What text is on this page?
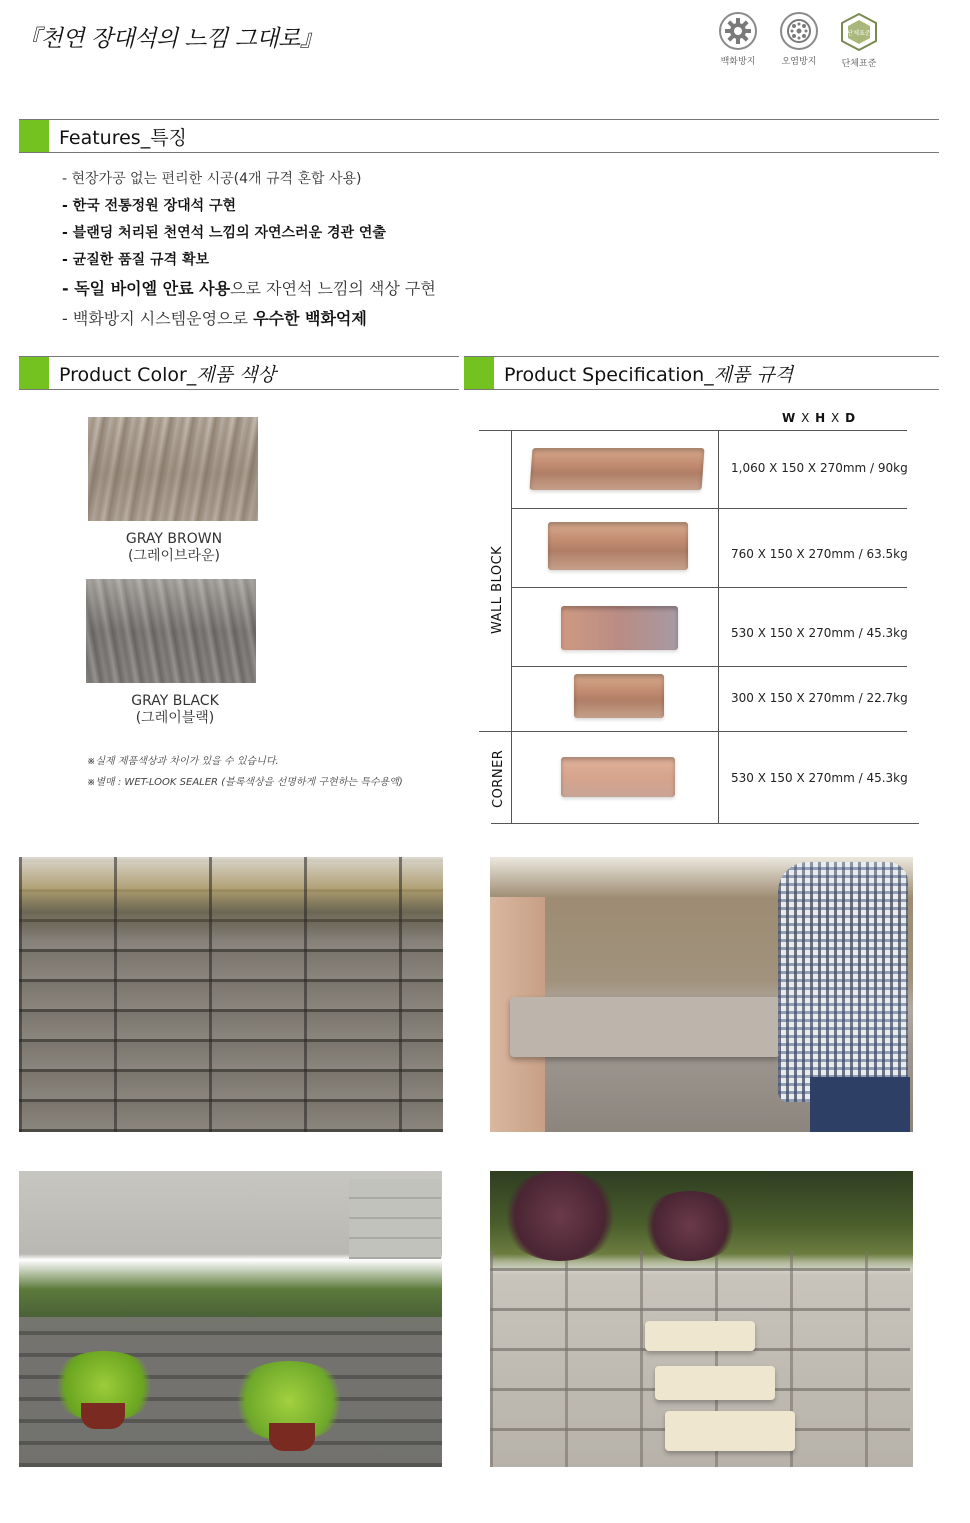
『천연 장대석의 느낌 그대로』
백화방지	오염방지
단체표준
단체표준
Features_특징
- 현장가공 없는 편리한 시공(4개 규격 혼합 사용)
- 한국 전통정원 장대석 구현
- 블랜딩 처리된 천연석 느낌의 자연스러운 경관 연출
- 균질한 품질 규격 확보
- 독일 바이엘 안료 사용으로 자연석 느낌의 색상 구현
- 백화방지 시스템운영으로 우수한 백화억제
Product Color_제품 색상	Product Specification_제품 규격
GRAY BROWN
(그레이브라운)
GRAY BLACK
(그레이블랙)
※실제 제품색상과 차이가 있을 수 있습니다.
※별매 : WET-LOOK SEALER (블록색상을 선명하게 구현하는 특수용액)
W X H X D
WALL BLOCK
CORNER
1,060 X 150 X 270mm / 90kg
760 X 150 X 270mm / 63.5kg
530 X 150 X 270mm / 45.3kg
300 X 150 X 270mm / 22.7kg
530 X 150 X 270mm / 45.3kg
